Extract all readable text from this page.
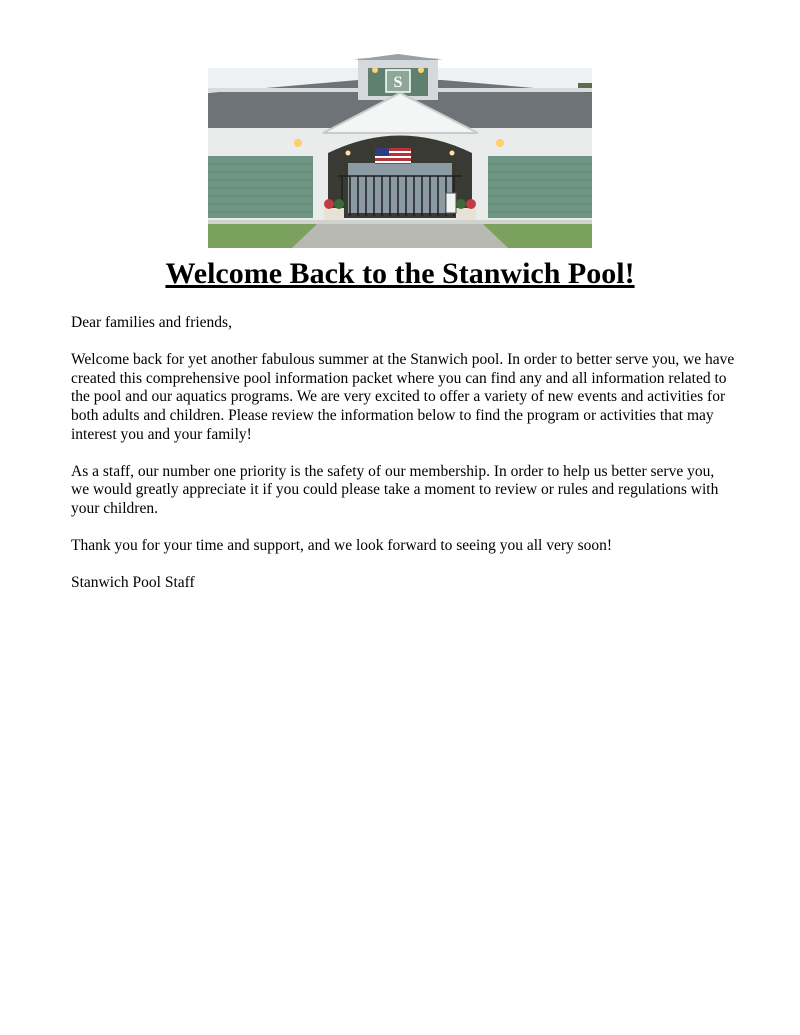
S
Welcome Back to the Stanwich Pool!

Dear families and friends,

Welcome back for yet another fabulous summer at the Stanwich pool. In order to better serve you, we have created this comprehensive pool information packet where you can find any and all information related to the pool and our aquatics programs. We are very excited to offer a variety of new events and activities for both adults and children. Please review the information below to find the program or activities that may interest you and your family!

As a staff, our number one priority is the safety of our membership. In order to help us better serve you, we would greatly appreciate it if you could please take a moment to review or rules and regulations with your children.

Thank you for your time and support, and we look forward to seeing you all very soon!

Stanwich Pool Staff
